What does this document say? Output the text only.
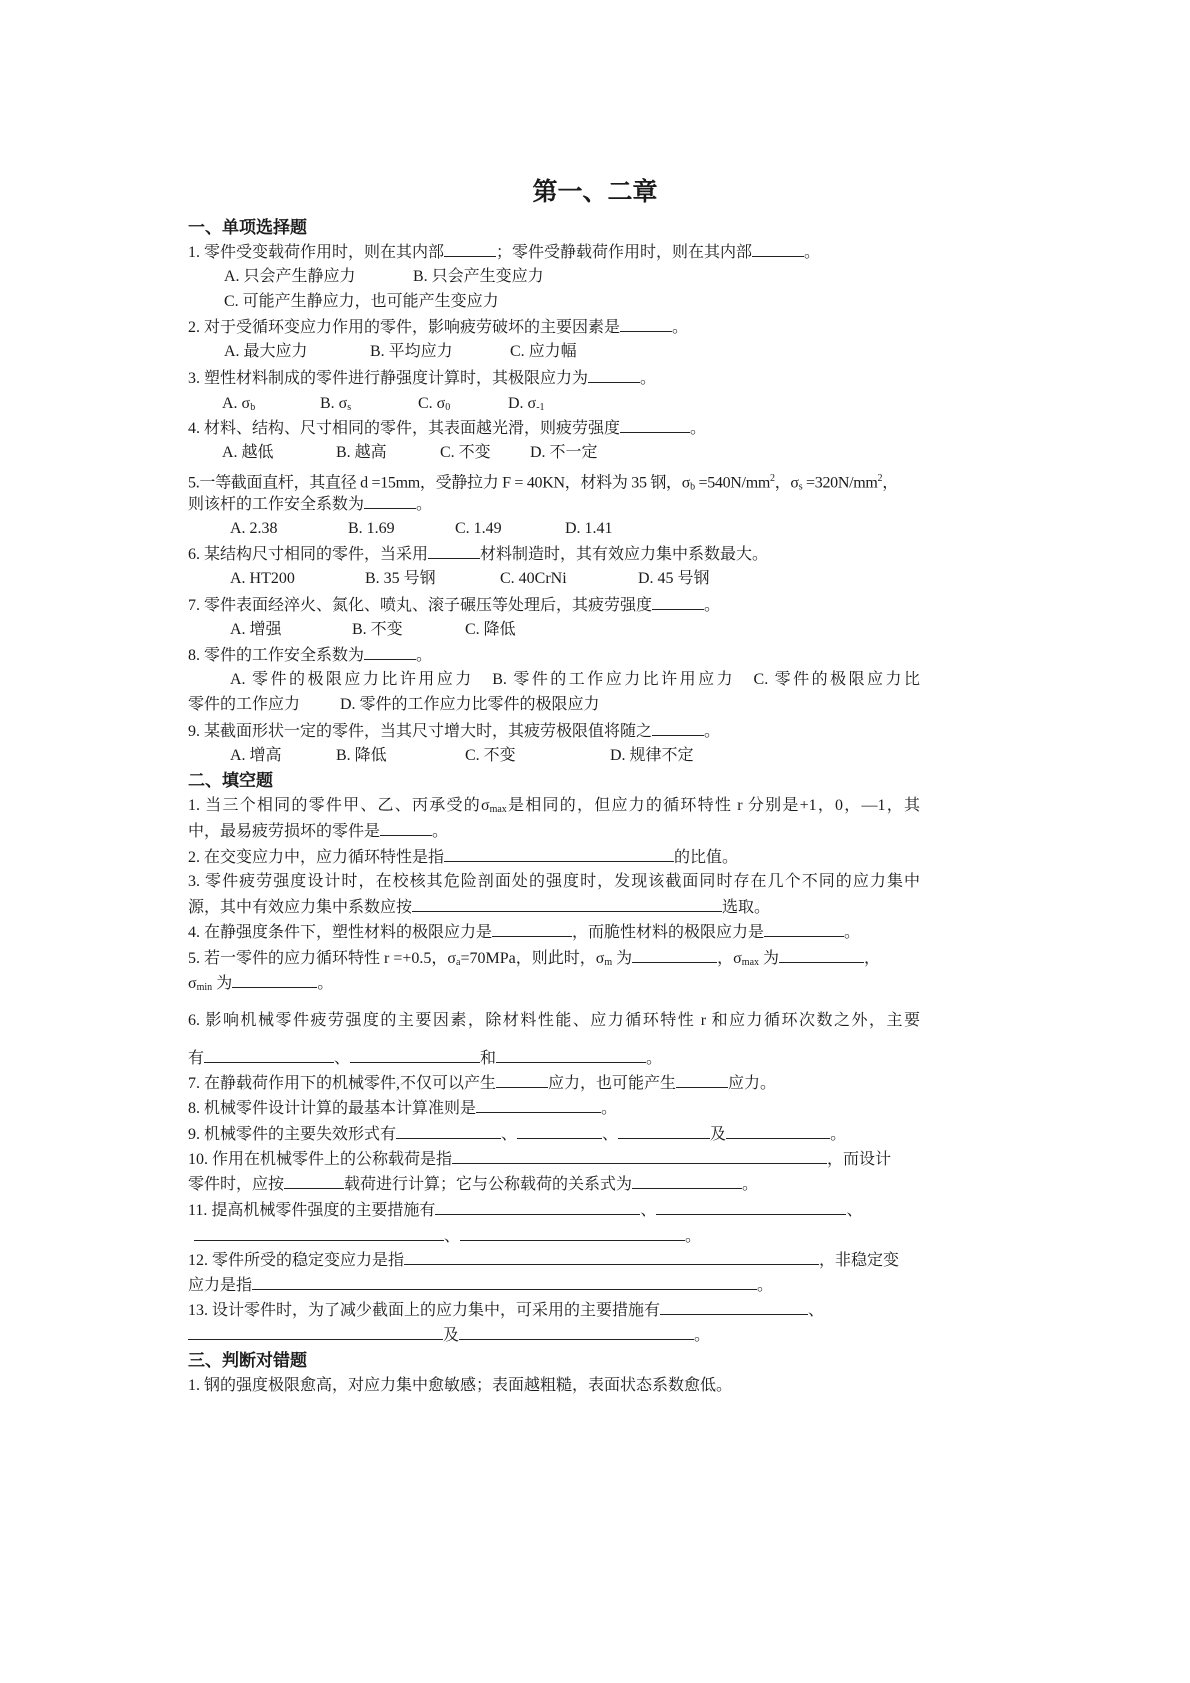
第一、二章
一、单项选择题
1. 零件受变载荷作用时，则在其内部	；零件受静载荷作用时，则在其内部	。
A. 只会产生静应力	B. 只会产生变应力
C. 可能产生静应力，也可能产生变应力
2. 对于受循环变应力作用的零件，影响疲劳破坏的主要因素是	。
A. 最大应力	B. 平均应力	C. 应力幅
3. 塑性材料制成的零件进行静强度计算时，其极限应力为	。
A. $\sigma_b$	B. $\sigma_s$	C. $\sigma_0$	D. $\sigma_{-1}$
4. 材料、结构、尺寸相同的零件，其表面越光滑，则疲劳强度	。
A. 越低	B. 越高	C. 不变 D. 不一定
5.一等截面直杆，其直径 d =15mm，受静拉力 F = 40KN，材料为 35 钢，$\sigma_b =540N/mm^2$，$\sigma_s =320N/mm^2$，
则该杆的工作安全系数为	。
A. 2.38	B. 1.69	C. 1.49	D. 1.41
6. 某结构尺寸相同的零件，当采用	材料制造时，其有效应力集中系数最大。
A. HT200	B. 35 号钢	C. 40CrNi	D. 45 号钢
7. 零件表面经淬火、氮化、喷丸、滚子碾压等处理后，其疲劳强度	。
A. 增强	B. 不变	C. 降低
8. 零件的工作安全系数为	。
A. 零件的极限应力比许用应力　B. 零件的工作应力比许用应力　C. 零件的极限应力比
零件的工作应力 D. 零件的工作应力比零件的极限应力
9. 某截面形状一定的零件，当其尺寸增大时，其疲劳极限值将随之	。
A. 增高	B. 降低	C. 不变	D. 规律不定
二、填空题
1. 当三个相同的零件甲、乙、丙承受的$\sigma_{max}$是相同的，但应力的循环特性 r 分别是+1，0，—1，其
中，最易疲劳损坏的零件是	。
2. 在交变应力中，应力循环特性是指	的比值。
3. 零件疲劳强度设计时，在校核其危险剖面处的强度时，发现该截面同时存在几个不同的应力集中
源，其中有效应力集中系数应按	选取。
4. 在静强度条件下，塑性材料的极限应力是	，而脆性材料的极限应力是	。
5. 若一零件的应力循环特性 r =+0.5，$\sigma_a=70MPa$，则此时，$\sigma_m$ 为	，$\sigma_{max}$ 为	，
$\sigma_{min}$ 为	。
6. 影响机械零件疲劳强度的主要因素，除材料性能、应力循环特性 r 和应力循环次数之外，主要
有	、	和	。
7. 在静载荷作用下的机械零件,不仅可以产生	应力，也可能产生	应力。
8. 机械零件设计计算的最基本计算准则是	。
9. 机械零件的主要失效形式有	、	、	及	。
10. 作用在机械零件上的公称载荷是指	，而设计
零件时，应按	载荷进行计算；它与公称载荷的关系式为	。
11. 提高机械零件强度的主要措施有	、	、
、	。
12. 零件所受的稳定变应力是指	，非稳定变
应力是指	。
13. 设计零件时，为了减少截面上的应力集中，可采用的主要措施有	、
及	。
三、判断对错题
1. 钢的强度极限愈高，对应力集中愈敏感；表面越粗糙，表面状态系数愈低。
